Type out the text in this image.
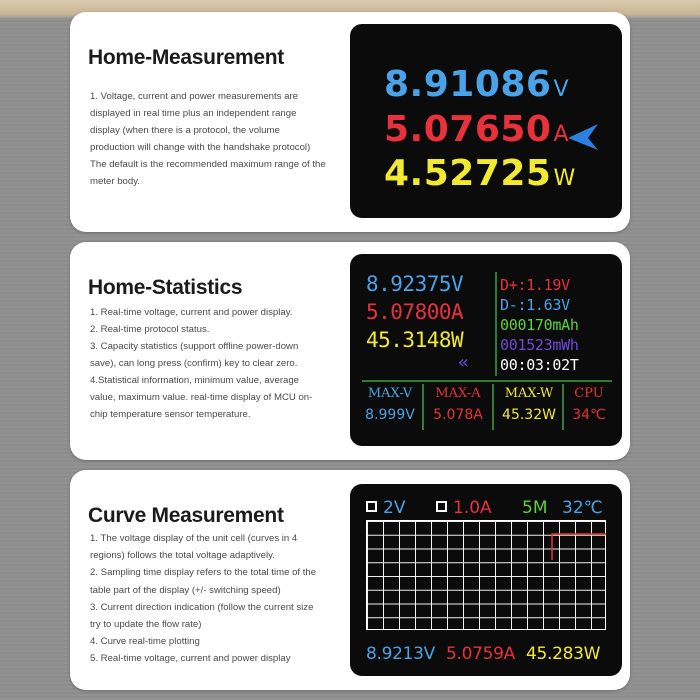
Home-Measurement

1. Voltage, current and power measurements are displayed in real time plus an independent range display (when there is a protocol, the volume production will change with the handshake protocol) The default is the recommended maximum range of the meter body.

8.91086V
5.07650A
4.52725W
Home-Statistics

1. Real-time voltage, current and power display.

2. Real-time protocol status.

3. Capacity statistics (support offline power-down save), can long press (confirm) key to clear zero.

4.Statistical information, minimum value, average value, maximum value. real-time display of MCU on-chip temperature sensor temperature.

8.92375V
5.07800A
45.3148W
«
D+:1.19V
D-:1.63V
000170mAh
001523mWh
00:03:02T
MAX-V
8.999V
MAX-A
5.078A
MAX-W
45.32W
CPU
34℃
Curve Measurement

1. The voltage display of the unit cell (curves in 4 regions) follows the total voltage adaptively.

2. Sampling time display refers to the total time of the table part of the display (+/- switching speed)

3. Current direction indication (follow the current size try to update the flow rate)

4. Curve real-time plotting

5. Real-time voltage, current and power display

2V	1.0A 5M 32℃
8.9213V 5.0759A 45.283W
